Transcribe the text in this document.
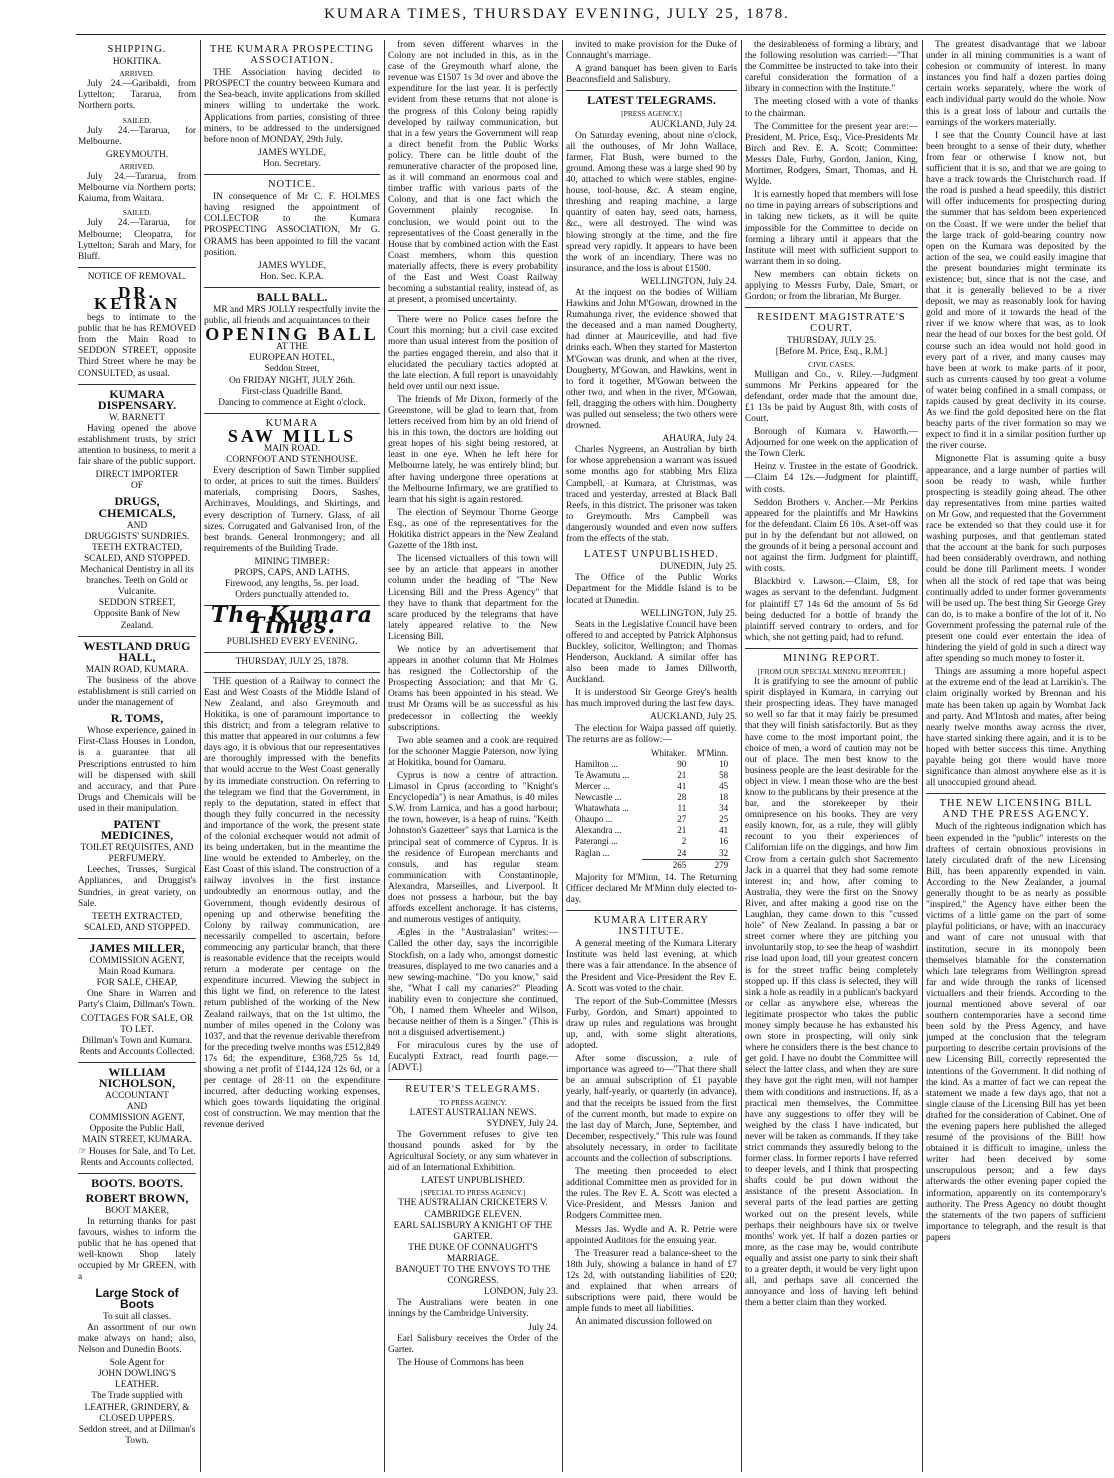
KUMARA TIMES, THURSDAY EVENING, JULY 25, 1878.
SHIPPING.
HOKITIKA.
ARRIVED.

July 24.—Garibaldi, from Lyttelton; Tararua, from Northern ports.

SAILED.

July 24.—Tararua, for Melbourne.

GREYMOUTH.
ARRIVED.

July 24.—Tararua, from Melbourne via Northern ports; Kaiuma, from Waitara.

SAILED.

July 24.—Tararua, for Melbourne; Cleopatra, for Lyttelton; Sarah and Mary, for Bluff.

NOTICE OF REMOVAL.
DR. KEIRAN

begs to intimate to the public that he has REMOVED from the Main Road to SEDDON STREET, opposite Third Street where he may be CONSULTED, as usual.

KUMARA DISPENSARY.
W. BARNETT

Having opened the above establishment trusts, by strict attention to business, to merit a fair share of the public support.

DIRECT IMPORTER
OF
DRUGS, CHEMICALS,
AND
DRUGGISTS' SUNDRIES.
TEETH EXTRACTED, SCALED, AND STOPPED.
Mechanical Dentistry in all its branches. Teeth on Gold or Vulcanite.
SEDDON STREET,
Opposite Bank of New Zealand.
WESTLAND DRUG HALL,
MAIN ROAD, KUMARA.

The business of the above establishment is still carried on under the management of

R. TOMS,

Whose experience, gained in First-Class Houses in London, is a guarantee that all Prescriptions entrusted to him will be dispensed with skill and accuracy, and that Pure Drugs and Chemicals will be used in their manipulation.

PATENT MEDICINES,
TOILET REQUISITES, AND PERFUMERY.

Leeches, Trusses, Surgical Appliances, and Druggist's Sundries, in great variety, on Sale.

TEETH EXTRACTED, SCALED, AND STOPPED.
JAMES MILLER,
COMMISSION AGENT,
Main Road Kumara.
FOR SALE, CHEAP,

One Share in Warren and Party's Claim, Dillman's Town.

COTTAGES FOR SALE, OR TO LET.
Dillman's Town and Kumara.
Rents and Accounts Collected.
WILLIAM NICHOLSON,
ACCOUNTANT
AND
COMMISSION AGENT,
Opposite the Public Hall,
MAIN STREET, KUMARA.
☞ Houses for Sale, and To Let.
Rents and Accounts collected.
BOOTS. BOOTS.
ROBERT BROWN,
BOOT MAKER,

In returning thanks for past favours, wishes to inform the public that he has opened that well-known Shop lately occupied by Mr GREEN, with a

Large Stock of Boots
To suit all classes.

An assortment of our own make always on hand; also, Nelson and Dunedin Boots.

Sole Agent for
JOHN DOWLING'S LEATHER.
The Trade supplied with
LEATHER, GRINDERY, & CLOSED UPPERS.
Seddon street, and at Dillman's Town.
THE KUMARA PROSPECTING ASSOCIATION.

THE Association having decided to PROSPECT the country between Kumara and the Sea-beach, invite applications from skilled miners willing to undertake the work. Applications from parties, consisting of three miners, to be addressed to the undersigned before noon of MONDAY, 29th July.

JAMES WYLDE,
Hon. Secretary.
NOTICE.

IN consequence of Mr C. F. HOLMES having resigned the appointment of COLLECTOR to the Kumara PROSPECTING ASSOCIATION, Mr G. ORAMS has been appointed to fill the vacant position.

JAMES WYLDE,
Hon. Sec. K.P.A.
BALL BALL.

MR and MRS JOLLY respectfully invite the public, all friends and acquaintances to their

OPENING BALL
AT THE
EUROPEAN HOTEL,
Seddon Street,
On FRIDAY NIGHT, JULY 26th.
First-class Quadrille Band.
Dancing to commence at Eight o'clock.
KUMARA
SAW MILLS
MAIN ROAD.
CORNFOOT AND STENHOUSE.

Every description of Sawn Timber supplied to order, at prices to suit the times. Builders' materials, comprising Doors, Sashes, Architraves, Mouldings, and Skirtings, and every description of Turnery. Glass, of all sizes. Corrugated and Galvanised Iron, of the best brands. General Ironmongery; and all requirements of the Building Trade.

MINING TIMBER:
PROPS, CAPS, AND LATHS.
Firewood, any lengths, 5s. per load.
Orders punctually attended to.
The Kumara Times.
PUBLISHED EVERY EVENING.
THURSDAY, JULY 25, 1878.

THE question of a Railway to connect the East and West Coasts of the Middle Island of New Zealand, and also Greymouth and Hokitika, is one of paramount importance to this district; and from a telegram relative to this matter that appeared in our columns a few days ago, it is obvious that our representatives are thoroughly impressed with the benefits that would accrue to the West Coast generally by its immediate construction. On referring to the telegram we find that the Government, in reply to the deputation, stated in effect that though they fully concurred in the necessity and importance of the work, the present state of the colonial exchequer would not admit of its being undertaken, but in the meantime the line would be extended to Amberley, on the East Coast of this island. The construction of a railway involves in the first instance undoubtedly an enormous outlay, and the Government, though evidently desirous of opening up and otherwise benefiting the Colony by railway communication, are necessarily compelled to ascertain, before commencing any particular branch, that there is reasonable evidence that the receipts would return a moderate per centage on the expenditure incurred. Viewing the subject in this light we find, on reference to the latest return published of the working of the New Zealand railways, that on the 1st ultimo, the number of miles opened in the Colony was 1037, and that the revenue derivable therefrom for the preceding twelve months was £512,849 17s 6d; the expenditure, £368,725 5s 1d, showing a net profit of £144,124 12s 6d, or a per centage of 28·11 on the expenditure incurred, after deducting working expenses, which goes towards liquidating the original cost of construction. We may mention that the revenue derived

from seven different wharves in the Colony are not included in this, as in the case of the Greymouth wharf alone, the revenue was £1507 1s 3d over and above the expenditure for the last year. It is perfectly evident from these returns that not alone is the progress of this Colony being rapidly developed by railway communication, but that in a few years the Government will reap a direct benefit from the Public Works policy. There can be little doubt of the remunerative character of the proposed line, as it will command an enormous coal and timber traffic with various parts of the Colony, and that is one fact which the Government plainly recognise. In conclusion, we would point out to the representatives of the Coast generally in the House that by combined action with the East Coast members, whom this question materially affects, there is every probability of the East and West Coast Railway becoming a substantial reality, instead of, as at present, a promised uncertainty.

There were no Police cases before the Court this morning; but a civil case excited more than usual interest from the position of the parties engaged therein, and also that it elucidated the peculiary tactics adopted at the late election. A full report is unavoidably held over until our next issue.

The friends of Mr Dixon, formerly of the Greenstone, will be glad to learn that, from letters received from him by an old friend of his in this town, the doctors are holding out great hopes of his sight being restored, at least in one eye. When he left here for Melbourne lately, he was entirely blind; but after having undergone three operations at the Melbourne Infirmary, we are gratified to learn that his sight is again restored.

The election of Seymour Thorne George Esq., as one of the representatives for the Hokitika district appears in the New Zealand Gazette of the 18th inst.

The licensed victuallers of this town will see by an article that appears in another column under the heading of "The New Licensing Bill and the Press Agency" that they have to thank that department for the scare produced by the telegrams that have lately appeared relative to the New Licensing Bill.

We notice by an advertisement that appears in another column that Mr Holmes has resigned the Collectorship of the Prospecting Association; and that Mr G. Orams has been appointed in his stead. We trust Mr Orams will be as successful as his predecessor in collecting the weekly subscriptions.

Two able seamen and a cook are required for the schooner Maggie Paterson, now lying at Hokitika, bound for Oamaru.

Cyprus is now a centre of attraction. Limasol in Cprus (according to "Knight's Encyclopedia") is near Amathus, is 40 miles S.W. from Larnica, and has a good harbour; the town, however, is a heap of ruins. "Keith Johnston's Gazetteer" says that Larnica is the principal seat of commerce of Cyprus. It is the residence of European merchants and consuls, and has regular steam communication with Constantinople, Alexandra, Marseilles, and Liverpool. It does not possess a harbour, but the bay affords excellent anchorage. It has cisterns, and numerous vestiges of antiquity.

Ægles in the "Australasian" writes:—Called the other day, says the incorrigible Stockfish, on a lady who, amongst domestic treasures, displayed to me two canaries and a new sewing-machine. "Do you know," said she, "What I call my canaries?" Pleading inability even to conjecture she continued, "Oh, I named them Wheeler and Wilson, because neither of them is a Singer." (This is not a disguised advertisement.)

For miraculous cures by the use of Eucalypti Extract, read fourth page.—[ADVT.]

REUTER'S TELEGRAMS.
TO PRESS AGENCY.
LATEST AUSTRALIAN NEWS.
SYDNEY, July 24.

The Government refuses to give ten thousand pounds asked for by the Agricultural Society, or any sum whatever in aid of an International Exhibition.

LATEST UNPUBLISHED.
[SPECIAL TO PRESS AGENCY.]
THE AUSTRALIAN CRICKETERS V. CAMBRIDGE ELEVEN.
EARL SALISBURY A KNIGHT OF THE GARTER.
THE DUKE OF CONNAUGHT'S MARRIAGE.
BANQUET TO THE ENVOYS TO THE CONGRESS.
LONDON, July 23.

The Australians were beaten in one innings by the Cambridge University.

July 24.

Earl Salisbury receives the Order of the Garter.

The House of Commons has been

invited to make provision for the Duke of Connaught's marriage.

A grand banquet has been given to Earls Beaconsfield and Salisbury.

LATEST TELEGRAMS.
[PRESS AGENCY.]
AUCKLAND, July 24.

On Saturday evening, about nine o'clock, all the outhouses, of Mr John Wallace, farmer, Flat Bush, were burned to the ground. Among these was a large shed 90 by 40, attached to which were stables, engine-house, tool-house, &c. A steam engine, threshing and reaping machine, a large quantity of oaten hay, seed oats, harness, &c., were all destroyed. The wind was blowing strongly at the time, and the fire spread very rapidly. It appears to have been the work of an incendiary. There was no insurance, and the loss is about £1500.

WELLINGTON, July 24.

At the inquest on the bodies of William Hawkins and John M'Gowan, drowned in the Rumahunga river, the evidence showed that the deceased and a man named Dougherty, had dinner at Mauriceville, and had five drinks each. When they started for Masterton M'Gowan was drunk, and when at the river, Dougherty, M'Gowan, and Hawkins, went in to ford it together, M'Gowan between the other two, and when in the river, M'Gowan, fell, dragging the others with him. Dougherty was pulled out senseless; the two others were drowned.

AHAURA, July 24.

Charles Nygreens, an Australian by birth for whose apprehension a warrant was issued some months ago for stabbing Mrs Eliza Campbell, at Kumara, at Christmas, was traced and yesterday, arrested at Black Ball Reefs, in this district. The prisoner was taken to Greymouth. Mrs Campbell was dangerously wounded and even now suffers from the effects of the stab.

LATEST UNPUBLISHED.
DUNEDIN, July 25.

The Office of the Public Works Department for the Middle Island is to be located at Dunedin.

WELLINGTON, July 25.

Seats in the Legislative Council have been offered to and accepted by Patrick Alphonsus Buckley, solicitor, Wellington; and Thomas Henderson, Auckland. A similar offer has also been made to James Dillworth, Auckland.

It is understood Sir George Grey's health has much improved during the last few days.

AUCKLAND, July 25.

The election for Waipa passed off quietly. The returns are as follow:—

	Whitaker.	M'Minn.
Hamilton ...	90	10
Te Awamutu ...	21	58
Mercer ...	41	45
Newcastle ...	28	18
Whatawhata ...	11	34
Ohaupo ...	27	25
Alexandra ...	21	41
Paterangi ...	2	16
Raglan ...	24	32
	265	279

Majority for M'Minn, 14. The Returning Officer declared Mr M'Minn duly elected to-day.

KUMARA LITERARY INSTITUTE.

A general meeting of the Kumara Literary Institute was held last evening, at which there was a fair attendance. In the absence of the President and Vice-President the Rev E. A. Scott was voted to the chair.

The report of the Sub-Committee (Messrs Furby, Gordon, and Smart) appointed to draw up rules and regulations was brought up, and, with some slight alterations, adopted.

After some discussion, a rule of importance was agreed to—"That there shall be an annual subscription of £1 payable yearly, half-yearly, or quarterly (in advance), and that the receipts be issued from the first of the current month, but made to expire on the last day of March, June, September, and December, respectively." This rule was found absolutely necessary, in order to facilitate accounts and the collection of subscriptions.

The meeting then proceeded to elect additional Committee men as provided for in the rules. The Rev E. A. Scott was elected a Vice-President, and Messrs Janion and Rodgers Committee men.

Messrs Jas. Wydle and A. R. Petrie were appointed Auditors for the ensuing year.

The Treasurer read a balance-sheet to the 18th July, showing a balance in hand of £7 12s 2d, with outstanding liabilities of £20; and explained that when arrears of subscriptions were paid, there would be ample funds to meet all liabilities.

An animated discussion followed on

the desirableness of forming a library, and the following resolution was carried:—"That the Committee be instructed to take into their careful consideration the formation of a library in connection with the Institute."

The meeting closed with a vote of thanks to the chairman.

The Committee for the present year are:—President, M. Price, Esq., Vice-Presidents Mr Birch and Rev. E. A. Scott; Committee: Messrs Dale, Furby, Gordon, Janion, King, Mortimer, Rodgers, Smart, Thomas, and H. Wylde.

It is earnestly hoped that members will lose no time in paying arrears of subscriptions and in taking new tickets, as it will be quite impossible for the Committee to decide on forming a library until it appears that the Institute will meet with sufficient support to warrant them in so doing.

New members can obtain tickets on applying to Messrs Furby, Dale, Smart, or Gordon; or from the librarian, Mr Burger.

RESIDENT MAGISTRATE'S COURT.
THURSDAY, JULY 25.
[Before M. Price, Esq., R.M.]
CIVIL CASES.

Mulligan and Co., v. Riley.—Judgment summons Mr Perkins appeared for the defendant, order made that the amount due, £1 13s be paid by August 8th, with costs of Court.

Borough of Kumara v. Haworth.—Adjourned for one week on the application of the Town Clerk.

Heinz v. Trustee in the estate of Goodrick.—Claim £4 12s.—Judgment for plaintiff, with costs.

Seddon Brothers v. Ancher.—Mr Perkins appeared for the plaintiffs and Mr Hawkins for the defendant. Claim £6 10s. A set-off was put in by the defendant but not allowed, on the grounds of it being a personal account and not against the firm. Judgment for plaintiff, with costs.

Blackbird v. Lawson.—Claim, £8, for wages as servant to the defendant. Judgment for plaintiff £7 14s 6d the amount of 5s 6d being deducted for a bottle of brandy the plaintiff served contrary to orders, and for which, she not getting paid, had to refund.

MINING REPORT.
[FROM OUR SPECIAL MINING REPORTER.]

It is gratifying to see the amount of public spirit displayed in Kumara, in carrying out their prospecting ideas. They have managed so well so far that it may fairly be presumed that they will finish satisfactorily. But as they have come to the most important point, the choice of men, a word of caution may not be out of place. The men best know to the business people are the least desirable for the object in view. I mean those who are the best know to the publicans by their presence at the bar, and the storekeeper by their omnipresence on his books. They are very easily known, for, as a rule, they will glibly recount to you their experiences of Californian life on the diggings, and how Jim Crow from a certain gulch shot Sacremento Jack in a quarrel that they had some remote interest in; and how, after coming to Australia, they were the first on the Snowy River, and after making a good rise on the Laughlan, they came down to this "cussed hole" of New Zealand. In passing a bar or street corner where they are pitching you involuntarily stop, to see the heap of washdirt rise load upon load, till your greatest concern is for the street traffic being completely stopped up. If this class is selected, they will sink a hole as readily in a publican's backyard or cellar as anywhere else, whereas the legitimate prospector who takes the public money simply because he has exhausted his own store in prospecting, will only sink where he considers there is the best chance to get gold. I have no doubt the Committee will select the latter class, and when they are sure they have got the right men, will not hamper them with conditions and instructions. If, as a practical men themselves, the Committee have any suggestions to offer they will be weighed by the class I have indicated, but never will be taken as commands. If they take strict commands they assuredly belong to the former class. In former reports I have referred to deeper levels, and I think that prospecting shafts could be put down without the assistance of the present Association. In several parts of the lead parties are getting worked out on the present levels, while perhaps their neighbours have six or twelve months' work yet. If half a dozen parties or more, as the case may be, would contribute equally and assist one party to sink their shaft to a greater depth, it would be very light upon all, and perhaps save all concerned the annoyance and loss of having left behind them a better claim than they worked.

The greatest disadvantage that we labour under in all mining communities is a want of cohesion or community of interest. In many instances you find half a dozen parties doing certain works separately, where the work of each individual party would do the whole. Now this is a great loss of labour and curtails the earnings of the workers materially.

I see that the County Council have at last been brought to a sense of their duty, whether from fear or otherwise I know not, but sufficient that it is so, and that we are going to have a track towards the Christchurch road. If the road is pushed a head speedily, this district will offer inducements for prospecting during the summer that has seldom been experienced on the Coast. If we were under the belief that the large track of gold-bearing country now open on the Kumara was deposited by the action of the sea, we could easily imagine that the present boundaries might terminate its existence; but, since that is not the case, and that it is generally believed to be a river deposit, we may as reasonably look for having gold and more of it towards the head of the river if we know where that was, as to look near the head of our boxes for the best gold. Of course such an idea would not hold good in every part of a river, and many causes may have been at work to make parts of it poor, such as currents caused by too great a volume of water being confined in a small compass, or rapids caused by great declivity in its course. As we find the gold deposited here on the flat beachy parts of the river formation so may we expect to find it in a similar position further up the river course.

Mignonette Flat is assuming quite a busy appearance, and a large number of parties will soon be ready to wash, while further prospecting is steadily going ahead. The other day representatives from mine parties waited on Mr Gow, and requested that the Government race be extended so that they could use it for washing purposes, and that gentleman stated that the account at the bank for such purposes had been considerably overdrawn, and nothing could be done till Parliment meets. I wonder when all the stock of red tape that was being continually added to under former governments will be used up. The best thing Sir George Grey can do, is to make a bonfire of the lot of it. No Government professing the paternal rule of the present one could ever entertain the idea of hindering the yield of gold in such a direct way after spending so much money to foster it.

Things are assuming a more hopeful aspect at the extreme end of the lead at Larrikin's. The claim originally worked by Brennan and his mate has been taken up again by Wombat Jack and party. And M'Intosh and mates, after being nearly twelve months away across the river, have started sinking there again, and it is to be hoped with better success this time. Anything payable being got there would have more significance than almost anywhere else as it is all unoccupied ground ahead.

THE NEW LICENSING BILL AND THE PRESS AGENCY.

Much of the righteous indignation which has been expended in the "public" interests on the drafters of certain obnoxious provisions in lately circulated draft of the new Licensing Bill, has been apparently expended in vain. According to the New Zealander, a journal generally thought to be as nearly as possible "inspired," the Agency have either been the victims of a little game on the part of some playful politicians, or have, with an inaccuracy and want of care not unusual with that institution, secure in its monopoly been themselves blamable for the consternation which late telegrams from Wellington spread far and wide through the ranks of licensed victuallers and their friends. According to the journal mentioned above several of our southern contemporaries have a second time been sold by the Press Agency, and have jumped at the conclusion that the telegram purporting to describe certain provisions of the new Licensing Bill, correctly represented the intentions of the Government. It did nothing of the kind. As a matter of fact we can repeat the statement we made a few days ago, that not a single clause of the Licensing Bill has yet been drafted for the consideration of Cabinet. One of the evening papers here published the alleged resumé of the provisions of the Bill! how obtained it is difficult to imagine, unless the writer had been deceived by some unscrupulous person; and a few days afterwards the other evening paper copied the information, apparently on its contemporary's authority. The Press Agency no doubt thought the statements of the two papers of sufficient importance to telegraph, and the result is that papers
